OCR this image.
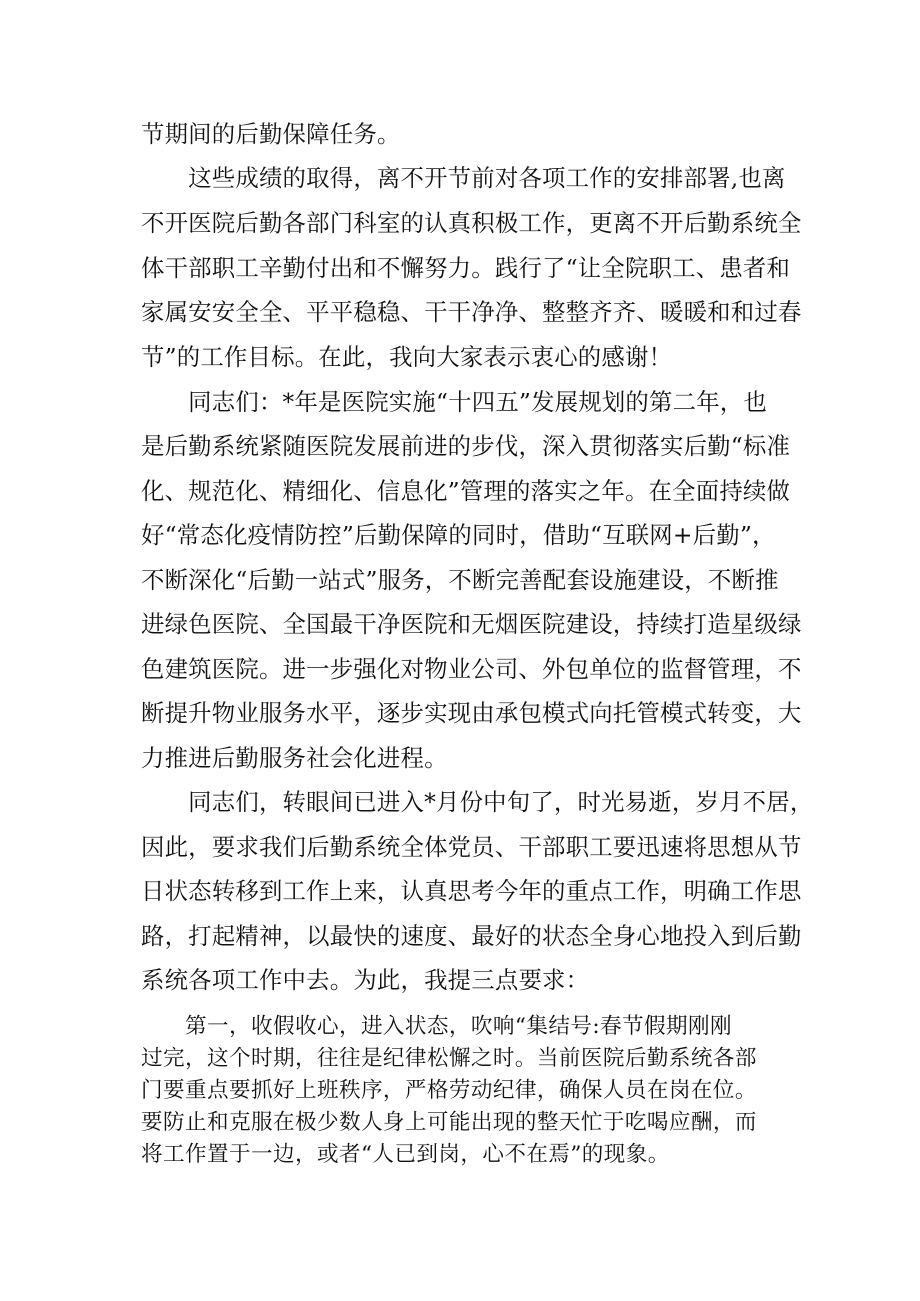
节期间的后勤保障任务。
　　这些成绩的取得，离不开节前对各项工作的安排部署,也离
不开医院后勤各部门科室的认真积极工作，更离不开后勤系统全
体干部职工辛勤付出和不懈努力。践行了“让全院职工、患者和
家属安安全全、平平稳稳、干干净净、整整齐齐、暖暖和和过春
节”的工作目标。在此，我向大家表示衷心的感谢！
　　同志们：*年是医院实施“十四五”发展规划的第二年，也
是后勤系统紧随医院发展前进的步伐，深入贯彻落实后勤“标准
化、规范化、精细化、信息化”管理的落实之年。在全面持续做
好“常态化疫情防控”后勤保障的同时，借助“互联网+后勤”，
不断深化“后勤一站式”服务，不断完善配套设施建设，不断推
进绿色医院、全国最干净医院和无烟医院建设，持续打造星级绿
色建筑医院。进一步强化对物业公司、外包单位的监督管理，不
断提升物业服务水平，逐步实现由承包模式向托管模式转变，大
力推进后勤服务社会化进程。
　　同志们，转眼间已进入*月份中旬了，时光易逝，岁月不居，
因此，要求我们后勤系统全体党员、干部职工要迅速将思想从节
日状态转移到工作上来，认真思考今年的重点工作，明确工作思
路，打起精神，以最快的速度、最好的状态全身心地投入到后勤
系统各项工作中去。为此，我提三点要求：
　　第一，收假收心，进入状态，吹响“集结号:春节假期刚刚
过完，这个时期，往往是纪律松懈之时。当前医院后勤系统各部
门要重点要抓好上班秩序，严格劳动纪律，确保人员在岗在位。
要防止和克服在极少数人身上可能出现的整天忙于吃喝应酬，而
将工作置于一边，或者“人已到岗，心不在焉”的现象。
